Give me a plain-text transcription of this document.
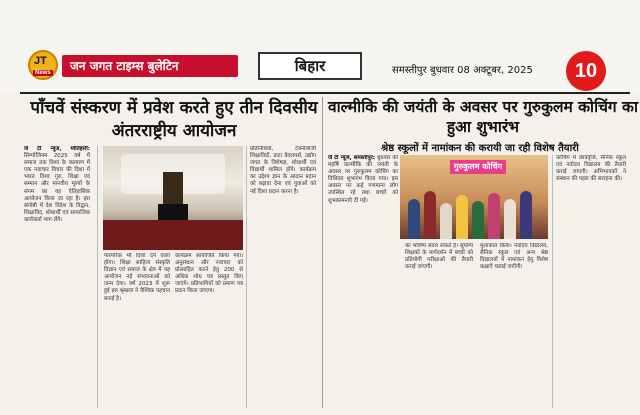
JT
News	जन जगत टाइम्स बुलेटिन	बिहार	समस्तीपुर बुधवार 08 अक्टूबर, 2025	10
पाँचवें संस्करण में प्रवेश करते हुए तीन दिवसीय अंतरराष्ट्रीय आयोजन
जे टी न्यूज, मोतिहारी: सिम्पोजियम 2025 वर्ष में समाज तक विश्व के कल्याण में एक नवाचार विचार की दिशा में भारत विश्व गुरु, शिक्षा एवं सम्मान और मानवीय मूल्यों के संगम का यह ऐतिहासिक आयोजन किया जा रहा है। इस संगोष्ठी में देश विदेश के विद्वान, शिक्षाविद, शोधार्थी एवं सामाजिक कार्यकर्ता भाग लेंगे।
पारंपरिक भी दिशा देने वाला होगा। शिक्षा साहित्य संस्कृति विज्ञान एवं समाज के क्षेत्र में यह आयोजन नई संभावनाओं को जन्म देगा। वर्ष 2023 में शुरू हुई इस श्रृंखला ने वैश्विक पहचान बनाई है।
कार्यक्रम आयोजित किया गया। अनुसंधान और नवाचार को प्रोत्साहित करने हेतु 200 से अधिक शोध पत्र प्रस्तुत किए जाएंगे। प्रतिभागियों को प्रमाण पत्र प्रदान किया जाएगा।
प्रतिनिधियों, टेक्नोलॉजी शिक्षाविदों, डाटा डेवलपर्स, उद्योग जगत के विशेषज्ञ, शोधार्थी एवं विद्यार्थी शामिल होंगे। कार्यक्रम का उद्देश्य ज्ञान के आदान प्रदान को बढ़ावा देना एवं युवाओं को नई दिशा प्रदान करना है।
वाल्मीकि की जयंती के अवसर पर गुरुकुलम कोचिंग का हुआ शुभारंभ
श्रेष्ठ स्कूलों में नामांकन की करायी जा रही विशेष तैयारी
जे टी न्यूज, समस्तीपुर: बुधवार को महर्षि वाल्मीकि की जयंती के अवसर पर गुरुकुलम कोचिंग का विधिवत शुभारंभ किया गया। इस अवसर पर कई गणमान्य लोग उपस्थित रहे तथा बच्चों को शुभकामनाएँ दी गईं।
गुरुकुलम कोचिंग
का भविष्य संवार सकते हैं। सुयोग्य शिक्षकों के मार्गदर्शन में बच्चों को प्रतियोगी परीक्षाओं की तैयारी कराई जाएगी।
मुलाकात किया। नवोदय विद्यालय, सैनिक स्कूल एवं अन्य श्रेष्ठ विद्यालयों में नामांकन हेतु विशेष कक्षाएँ चलाई जाएँगी।
कोचिंग में छात्रवृत्ति, सैनिक स्कूल एवं नवोदय विद्यालय की तैयारी कराई जाएगी। अभिभावकों ने संस्थान की पहल की सराहना की।
